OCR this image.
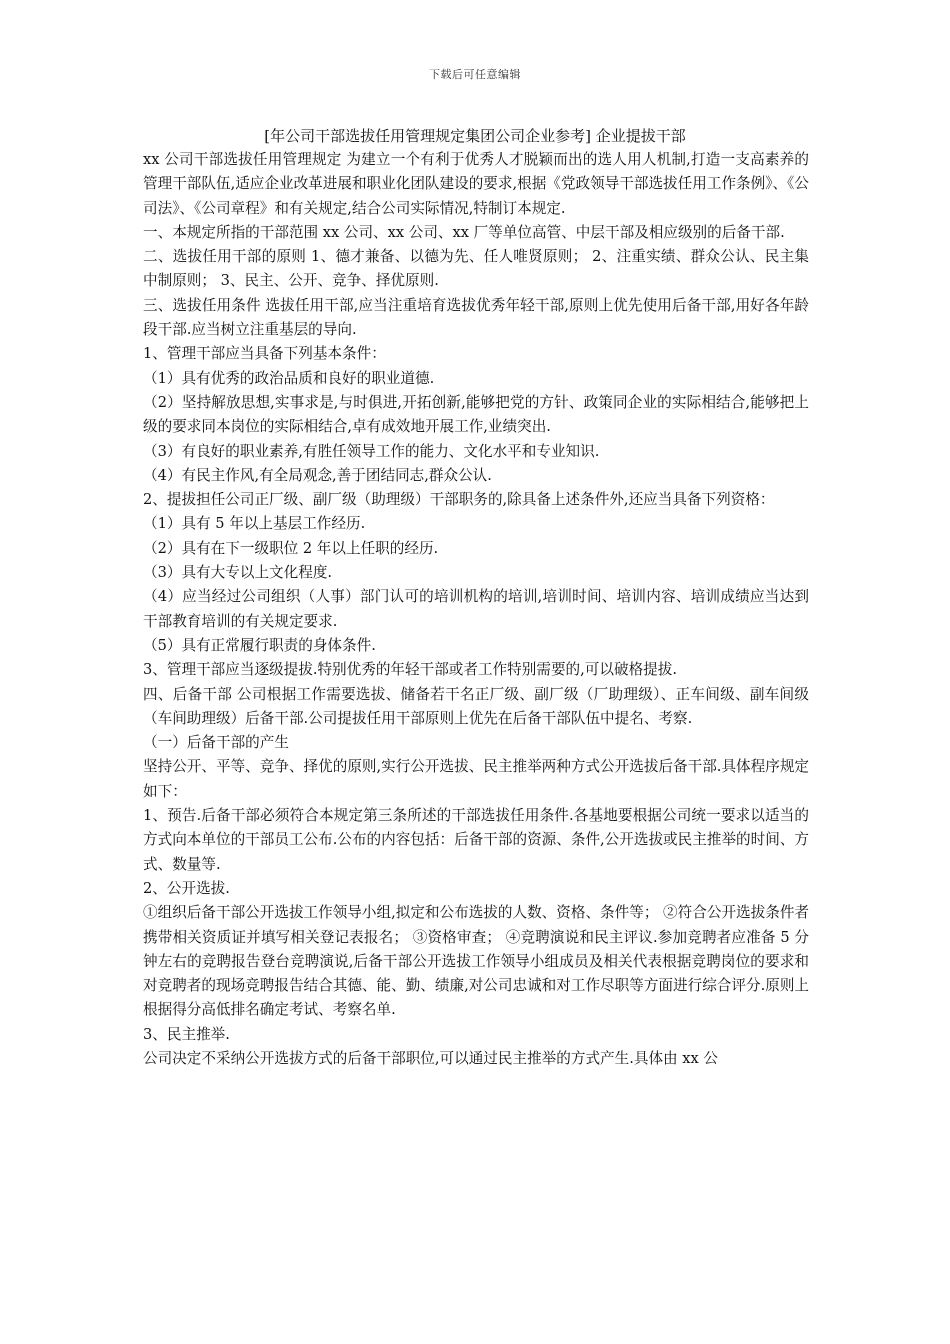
下载后可任意编辑
[年公司干部选拔任用管理规定集团公司企业参考] 企业提拔干部

xx 公司干部选拔任用管理规定 为建立一个有利于优秀人才脱颖而出的选人用人机制,打造一支高素养的管理干部队伍,适应企业改革进展和职业化团队建设的要求,根据《党政领导干部选拔任用工作条例》、《公司法》、《公司章程》和有关规定,结合公司实际情况,特制订本规定.

一、本规定所指的干部范围 xx 公司、xx 公司、xx 厂等单位高管、中层干部及相应级别的后备干部.

二、选拔任用干部的原则 1、德才兼备、以德为先、任人唯贤原则； 2、注重实绩、群众公认、民主集中制原则； 3、民主、公开、竞争、择优原则.

三、选拔任用条件 选拔任用干部,应当注重培育选拔优秀年轻干部,原则上优先使用后备干部,用好各年龄段干部.应当树立注重基层的导向.

1、管理干部应当具备下列基本条件：

（1）具有优秀的政治品质和良好的职业道德.

（2）坚持解放思想,实事求是,与时俱进,开拓创新,能够把党的方针、政策同企业的实际相结合,能够把上级的要求同本岗位的实际相结合,卓有成效地开展工作,业绩突出.

（3）有良好的职业素养,有胜任领导工作的能力、文化水平和专业知识.

（4）有民主作风,有全局观念,善于团结同志,群众公认.

2、提拔担任公司正厂级、副厂级（助理级）干部职务的,除具备上述条件外,还应当具备下列资格：

（1）具有 5 年以上基层工作经历.

（2）具有在下一级职位 2 年以上任职的经历.

（3）具有大专以上文化程度.

（4）应当经过公司组织（人事）部门认可的培训机构的培训,培训时间、培训内容、培训成绩应当达到干部教育培训的有关规定要求.

（5）具有正常履行职责的身体条件.

3、管理干部应当逐级提拔.特别优秀的年轻干部或者工作特别需要的,可以破格提拔.

四、后备干部 公司根据工作需要选拔、储备若干名正厂级、副厂级（厂助理级）、正车间级、副车间级（车间助理级）后备干部.公司提拔任用干部原则上优先在后备干部队伍中提名、考察.

（一）后备干部的产生

坚持公开、平等、竞争、择优的原则,实行公开选拔、民主推举两种方式公开选拔后备干部.具体程序规定如下：

1、预告.后备干部必须符合本规定第三条所述的干部选拔任用条件.各基地要根据公司统一要求以适当的方式向本单位的干部员工公布.公布的内容包括：后备干部的资源、条件,公开选拔或民主推举的时间、方式、数量等.

2、公开选拔.

①组织后备干部公开选拔工作领导小组,拟定和公布选拔的人数、资格、条件等； ②符合公开选拔条件者携带相关资质证并填写相关登记表报名； ③资格审查； ④竞聘演说和民主评议.参加竞聘者应准备 5 分钟左右的竞聘报告登台竞聘演说,后备干部公开选拔工作领导小组成员及相关代表根据竞聘岗位的要求和对竞聘者的现场竞聘报告结合其德、能、勤、绩廉,对公司忠诚和对工作尽职等方面进行综合评分.原则上根据得分高低排名确定考试、考察名单.

3、民主推举.

公司决定不采纳公开选拔方式的后备干部职位,可以通过民主推举的方式产生.具体由 xx 公
